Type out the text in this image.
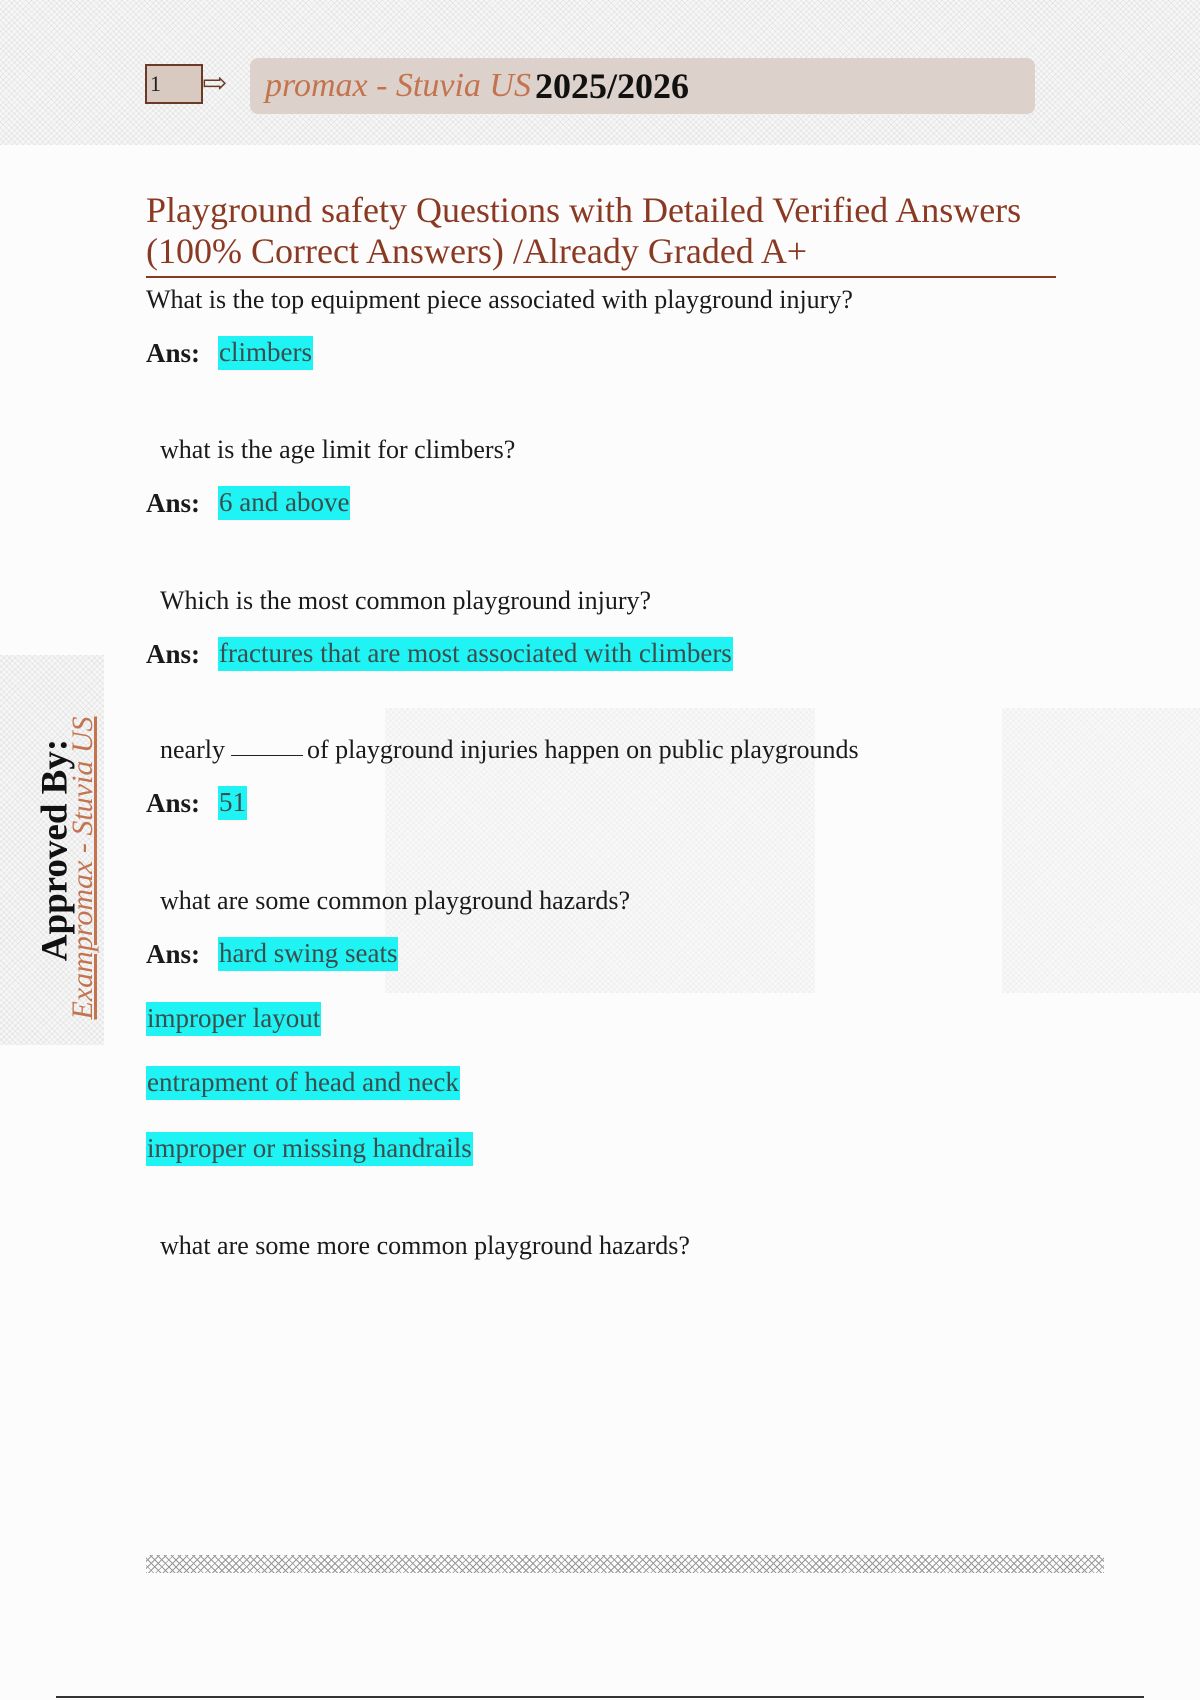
1	⇨ promax - Stuvia US 2025/2026
Playground safety Questions with Detailed Verified Answers (100% Correct Answers) /Already Graded A+
What is the top equipment piece associated with playground injury?
Ans: climbers
what is the age limit for climbers?
Ans: 6 and above
Which is the most common playground injury?
Ans: fractures that are most associated with climbers
nearly	of playground injuries happen on public playgrounds
Ans: 51
what are some common playground hazards?
Ans: hard swing seats
improper layout
entrapment of head and neck
improper or missing handrails
what are some more common playground hazards?
Approved By:
Exampromax - Stuvia US
